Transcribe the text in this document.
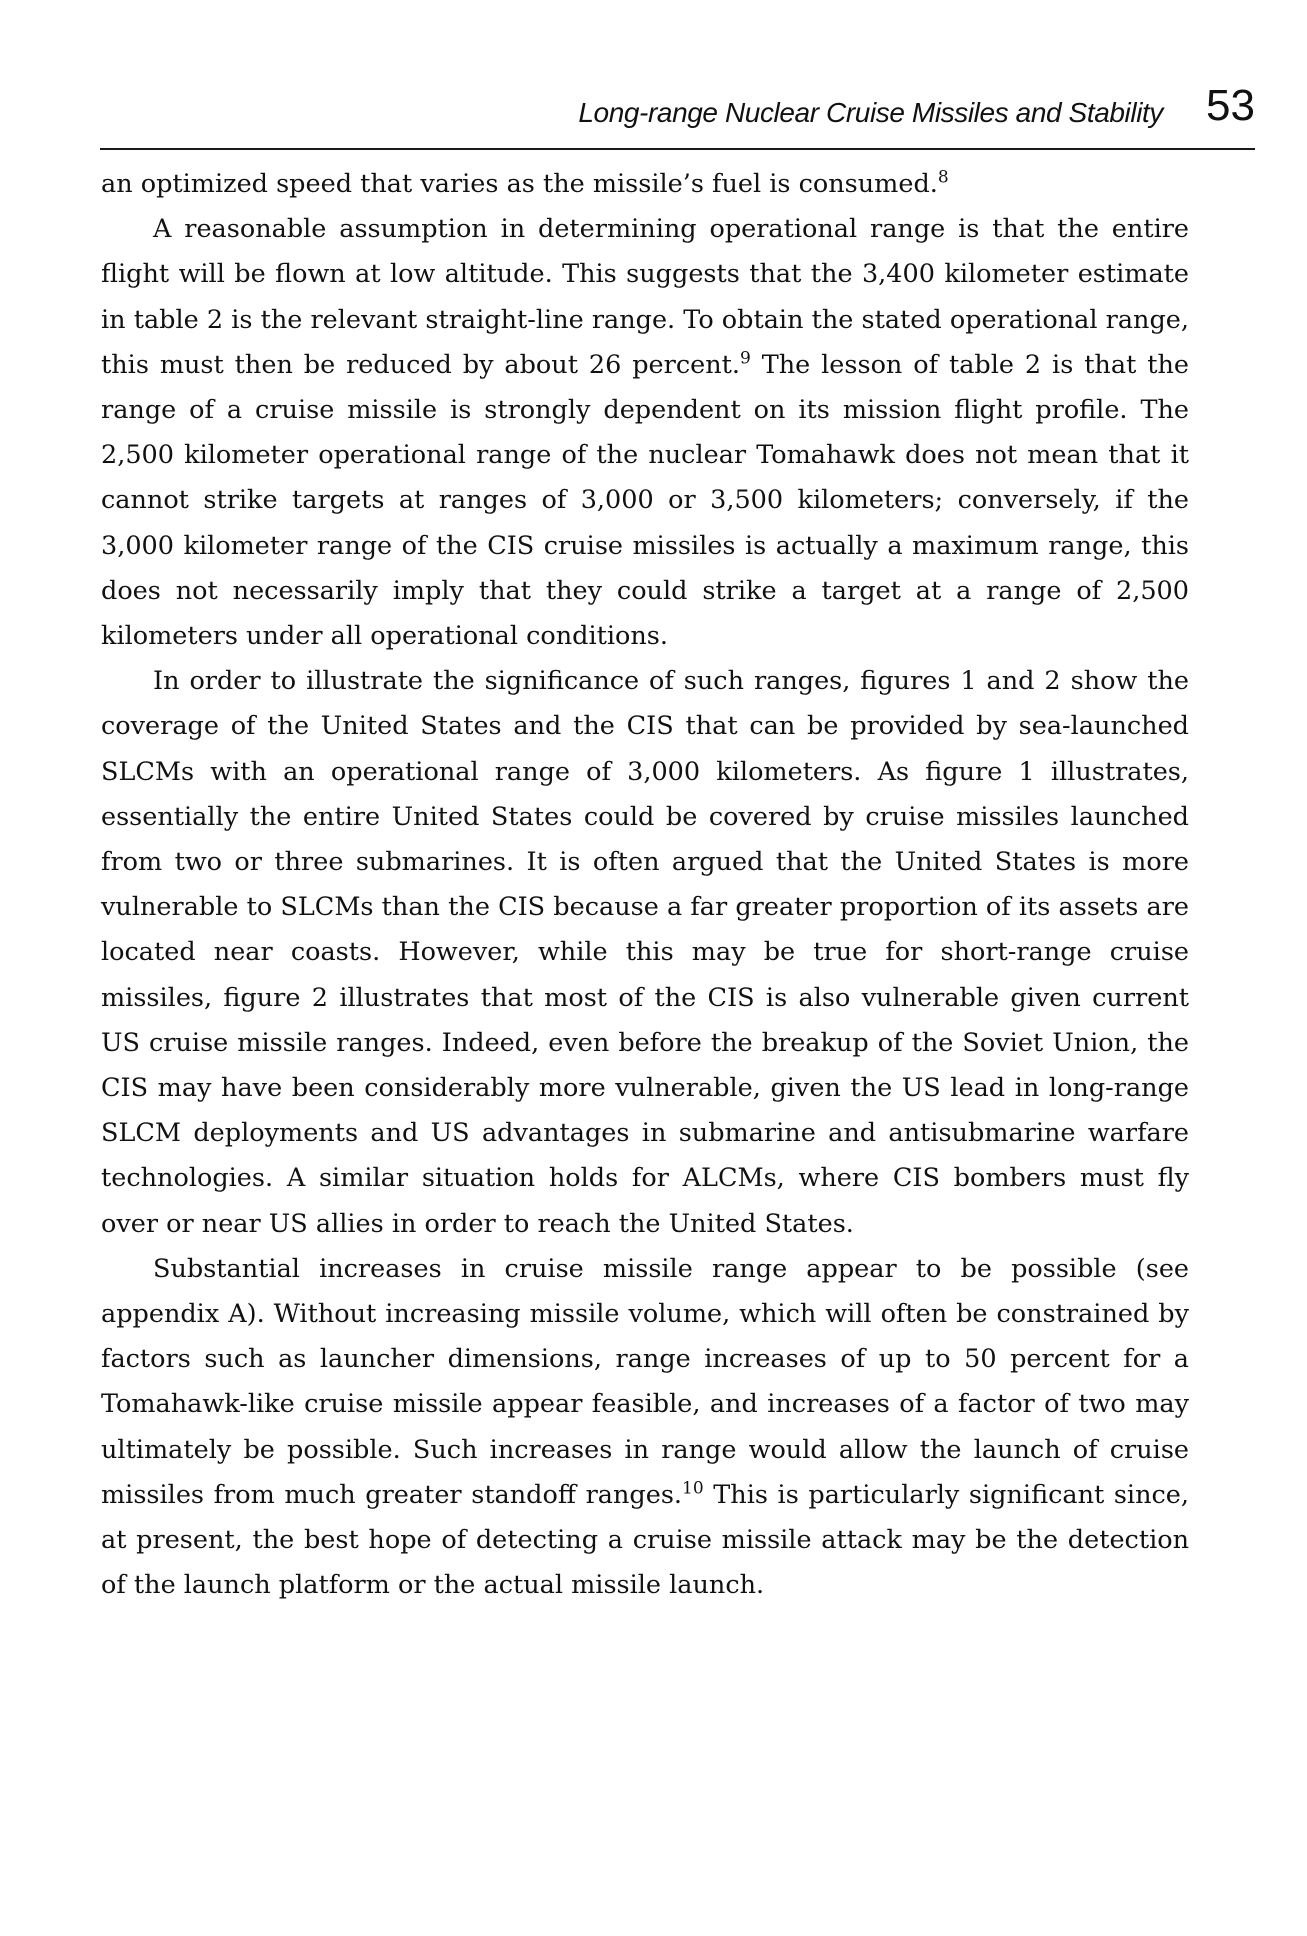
Long-range Nuclear Cruise Missiles and Stability 53

an optimized speed that varies as the missile’s fuel is consumed.$^8$

A reasonable assumption in determining operational range is that the entire flight will be flown at low altitude. This suggests that the 3,400 kilometer estimate in table 2 is the relevant straight-line range. To obtain the stated operational range, this must then be reduced by about 26 percent.$^9$ The lesson of table 2 is that the range of a cruise missile is strongly dependent on its mission flight profile. The 2,500 kilometer operational range of the nuclear Tomahawk does not mean that it cannot strike targets at ranges of 3,000 or 3,500 kilometers; conversely, if the 3,000 kilometer range of the CIS cruise missiles is actually a maximum range, this does not necessarily imply that they could strike a target at a range of 2,500 kilometers under all operational conditions.

In order to illustrate the significance of such ranges, figures 1 and 2 show the coverage of the United States and the CIS that can be provided by sea-launched SLCMs with an operational range of 3,000 kilometers. As figure 1 illustrates, essentially the entire United States could be covered by cruise missiles launched from two or three submarines. It is often argued that the United States is more vulnerable to SLCMs than the CIS because a far greater proportion of its assets are located near coasts. However, while this may be true for short-range cruise missiles, figure 2 illustrates that most of the CIS is also vulnerable given current US cruise missile ranges. Indeed, even before the breakup of the Soviet Union, the CIS may have been considerably more vulnerable, given the US lead in long-range SLCM deployments and US advantages in submarine and antisubmarine warfare technologies. A similar situation holds for ALCMs, where CIS bombers must fly over or near US allies in order to reach the United States.

Substantial increases in cruise missile range appear to be possible (see appendix A). Without increasing missile volume, which will often be constrained by factors such as launcher dimensions, range increases of up to 50 percent for a Tomahawk-like cruise missile appear feasible, and increases of a factor of two may ultimately be possible. Such increases in range would allow the launch of cruise missiles from much greater standoff ranges.$^{10}$ This is particularly significant since, at present, the best hope of detecting a cruise missile attack may be the detection of the launch platform or the actual missile launch.
